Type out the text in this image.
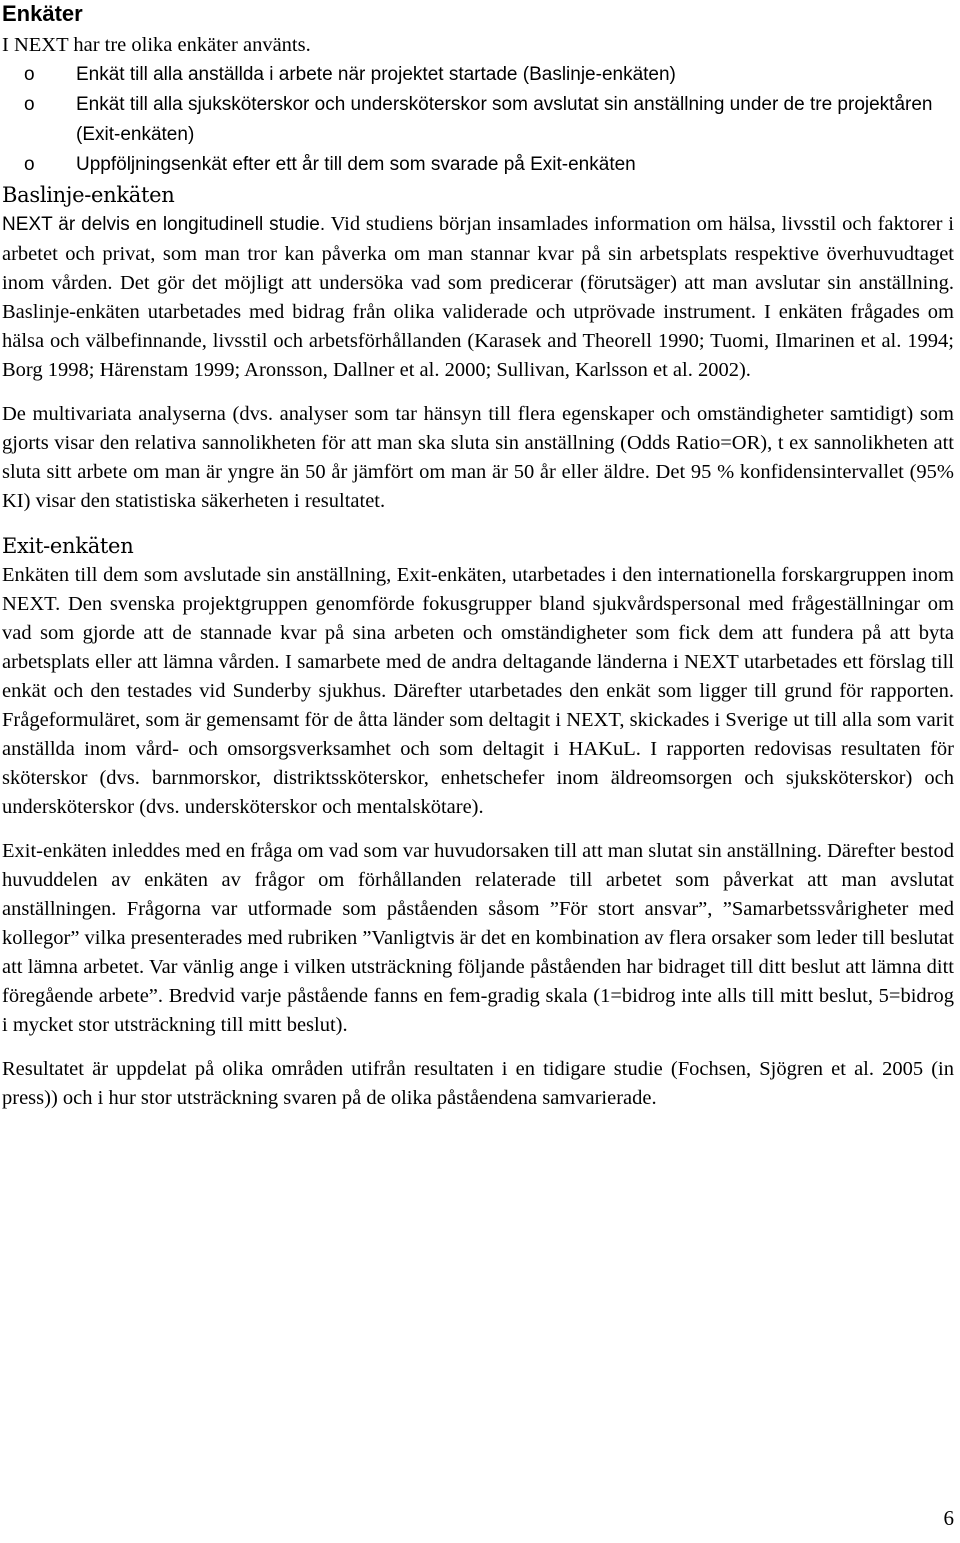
Enkäter

I NEXT har tre olika enkäter använts.

o Enkät till alla anställda i arbete när projektet startade (Baslinje-enkäten)
o Enkät till alla sjuksköterskor och undersköterskor som avslutat sin anställning under de tre projektåren (Exit-enkäten)
o Uppföljningsenkät efter ett år till dem som svarade på Exit-enkäten
Baslinje-enkäten

NEXT är delvis en longitudinell studie. Vid studiens början insamlades information om hälsa, livsstil och faktorer i arbetet och privat, som man tror kan påverka om man stannar kvar på sin arbetsplats respektive överhuvudtaget inom vården. Det gör det möjligt att undersöka vad som predicerar (förutsäger) att man avslutar sin anställning. Baslinje-enkäten utarbetades med bidrag från olika validerade och utprövade instrument. I enkäten frågades om hälsa och välbefinnande, livsstil och arbetsförhållanden (Karasek and Theorell 1990; Tuomi, Ilmarinen et al. 1994; Borg 1998; Härenstam 1999; Aronsson, Dallner et al. 2000; Sullivan, Karlsson et al. 2002).

De multivariata analyserna (dvs. analyser som tar hänsyn till flera egenskaper och omständigheter samtidigt) som gjorts visar den relativa sannolikheten för att man ska sluta sin anställning (Odds Ratio=OR), t ex sannolikheten att sluta sitt arbete om man är yngre än 50 år jämfört om man är 50 år eller äldre. Det 95 % konfidensintervallet (95% KI) visar den statistiska säkerheten i resultatet.

Exit-enkäten

Enkäten till dem som avslutade sin anställning, Exit-enkäten, utarbetades i den internationella forskargruppen inom NEXT. Den svenska projektgruppen genomförde fokusgrupper bland sjukvårdspersonal med frågeställningar om vad som gjorde att de stannade kvar på sina arbeten och omständigheter som fick dem att fundera på att byta arbetsplats eller att lämna vården. I samarbete med de andra deltagande länderna i NEXT utarbetades ett förslag till enkät och den testades vid Sunderby sjukhus. Därefter utarbetades den enkät som ligger till grund för rapporten. Frågeformuläret, som är gemensamt för de åtta länder som deltagit i NEXT, skickades i Sverige ut till alla som varit anställda inom vård- och omsorgsverksamhet och som deltagit i HAKuL. I rapporten redovisas resultaten för sköterskor (dvs. barnmorskor, distriktssköterskor, enhetschefer inom äldreomsorgen och sjuksköterskor) och undersköterskor (dvs. undersköterskor och mentalskötare).

Exit-enkäten inleddes med en fråga om vad som var huvudorsaken till att man slutat sin anställning. Därefter bestod huvuddelen av enkäten av frågor om förhållanden relaterade till arbetet som påverkat att man avslutat anställningen. Frågorna var utformade som påståenden såsom ”För stort ansvar”, ”Samarbetssvårigheter med kollegor” vilka presenterades med rubriken ”Vanligtvis är det en kombination av flera orsaker som leder till beslutat att lämna arbetet. Var vänlig ange i vilken utsträckning följande påståenden har bidraget till ditt beslut att lämna ditt föregående arbete”. Bredvid varje påstående fanns en fem-gradig skala (1=bidrog inte alls till mitt beslut, 5=bidrog i mycket stor utsträckning till mitt beslut).

Resultatet är uppdelat på olika områden utifrån resultaten i en tidigare studie (Fochsen, Sjögren et al. 2005 (in press)) och i hur stor utsträckning svaren på de olika påståendena samvarierade.

6
